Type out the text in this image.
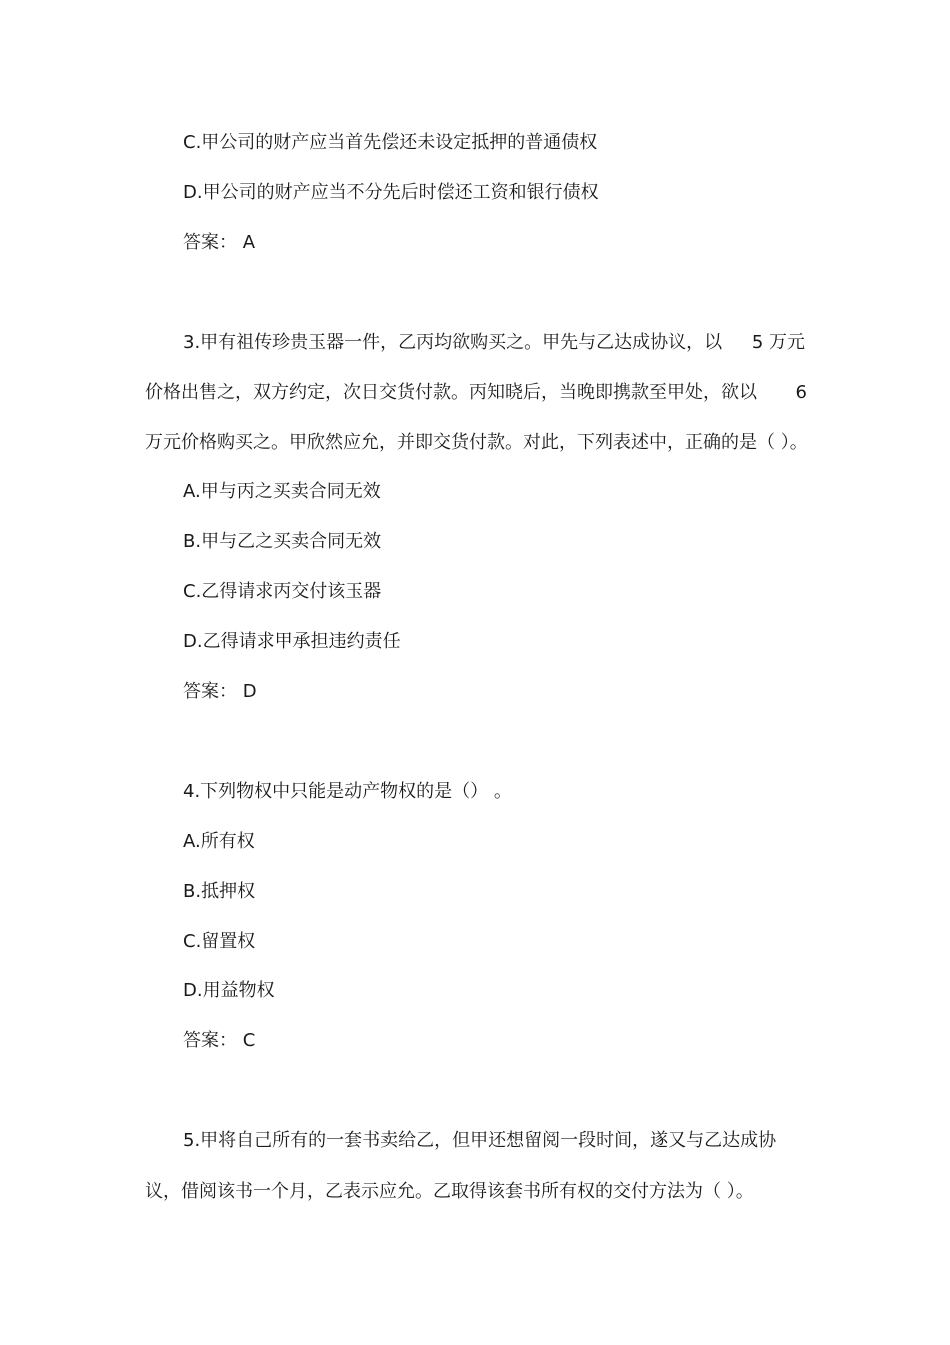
C.甲公司的财产应当首先偿还未设定抵押的普通债权
D.甲公司的财产应当不分先后时偿还工资和银行债权
答案： A
3.甲有祖传珍贵玉器一件，乙丙均欲购买之。甲先与乙达成协议，以 5 万元
价格出售之，双方约定，次日交货付款。丙知晓后，当晚即携款至甲处，欲以 6
万元价格购买之。甲欣然应允，并即交货付款。对此，下列表述中，正确的是（ ）。
A.甲与丙之买卖合同无效
B.甲与乙之买卖合同无效
C.乙得请求丙交付该玉器
D.乙得请求甲承担违约责任
答案： D
4.下列物权中只能是动产物权的是（） 。
A.所有权
B.抵押权
C.留置权
D.用益物权
答案： C
5.甲将自己所有的一套书卖给乙，但甲还想留阅一段时间，遂又与乙达成协
议，借阅该书一个月，乙表示应允。乙取得该套书所有权的交付方法为（ ）。
